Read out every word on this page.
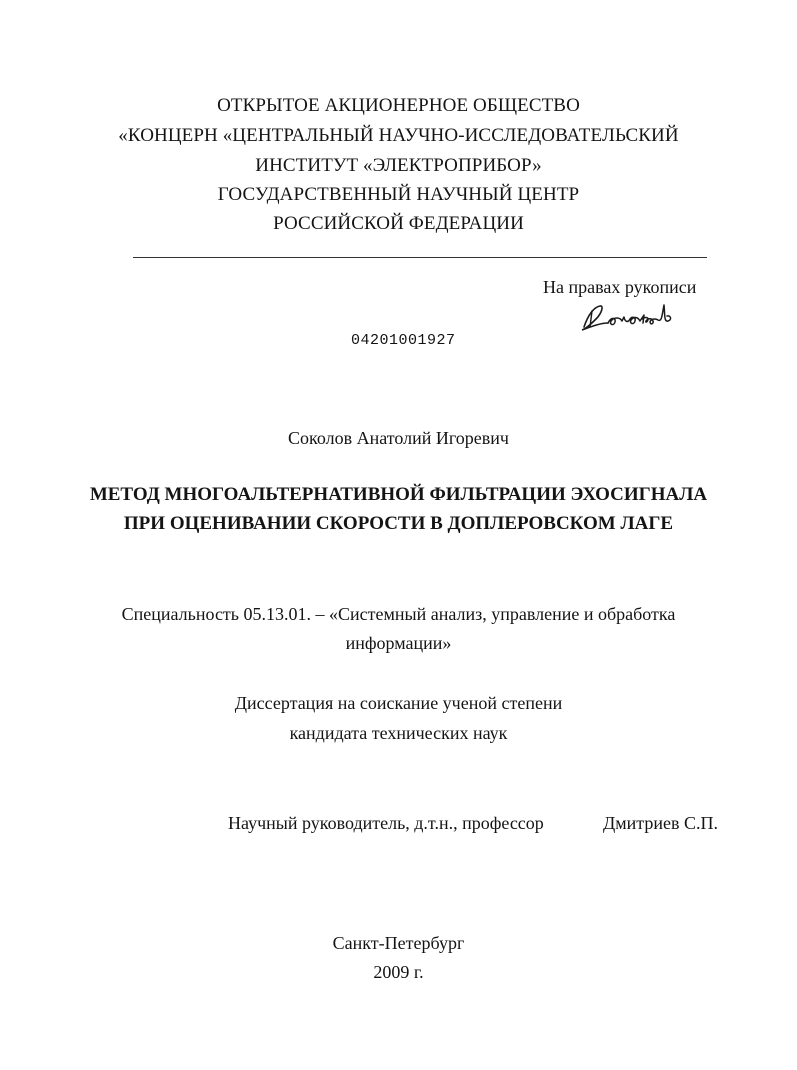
ОТКРЫТОЕ АКЦИОНЕРНОЕ ОБЩЕСТВО
«КОНЦЕРН «ЦЕНТРАЛЬНЫЙ НАУЧНО-ИССЛЕДОВАТЕЛЬСКИЙ
ИНСТИТУТ «ЭЛЕКТРОПРИБОР»
ГОСУДАРСТВЕННЫЙ НАУЧНЫЙ ЦЕНТР
РОССИЙСКОЙ ФЕДЕРАЦИИ
На правах рукописи
04201001927
Соколов Анатолий Игоревич
МЕТОД МНОГОАЛЬТЕРНАТИВНОЙ ФИЛЬТРАЦИИ ЭХОСИГНАЛА
ПРИ ОЦЕНИВАНИИ СКОРОСТИ В ДОПЛЕРОВСКОМ ЛАГЕ
Специальность 05.13.01. – «Системный анализ, управление и обработка
информации»
Диссертация на соискание ученой степени
кандидата технических наук
Научный руководитель, д.т.н., профессор	Дмитриев С.П.
Санкт-Петербург
2009 г.
